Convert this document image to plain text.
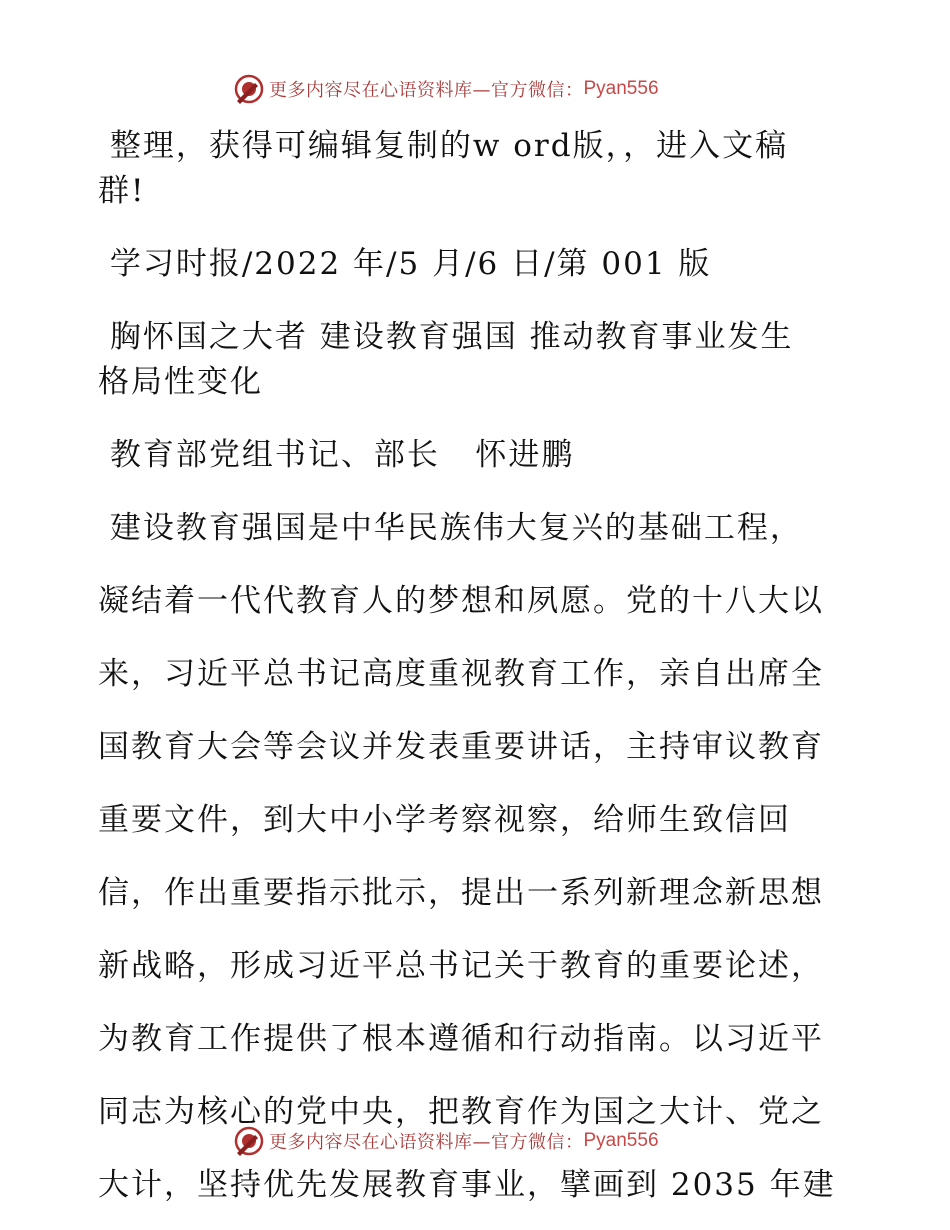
更多内容尽在心语资料库—官方微信： Pyan556
整理，获得可编辑复制的w ord版，，进入文稿
群!
学习时报/2022 年/5 月/6 日/第 001 版
胸怀国之大者 建设教育强国 推动教育事业发生
格局性变化
教育部党组书记、部长   怀进鹏
建设教育强国是中华民族伟大复兴的基础工程，
凝结着一代代教育人的梦想和夙愿。党的十八大以
来，习近平总书记高度重视教育工作，亲自出席全
国教育大会等会议并发表重要讲话，主持审议教育
重要文件，到大中小学考察视察，给师生致信回
信，作出重要指示批示，提出一系列新理念新思想
新战略，形成习近平总书记关于教育的重要论述，
为教育工作提供了根本遵循和行动指南。以习近平
同志为核心的党中央，把教育作为国之大计、党之
大计，坚持优先发展教育事业，擘画到 2035 年建
更多内容尽在心语资料库—官方微信： Pyan556
